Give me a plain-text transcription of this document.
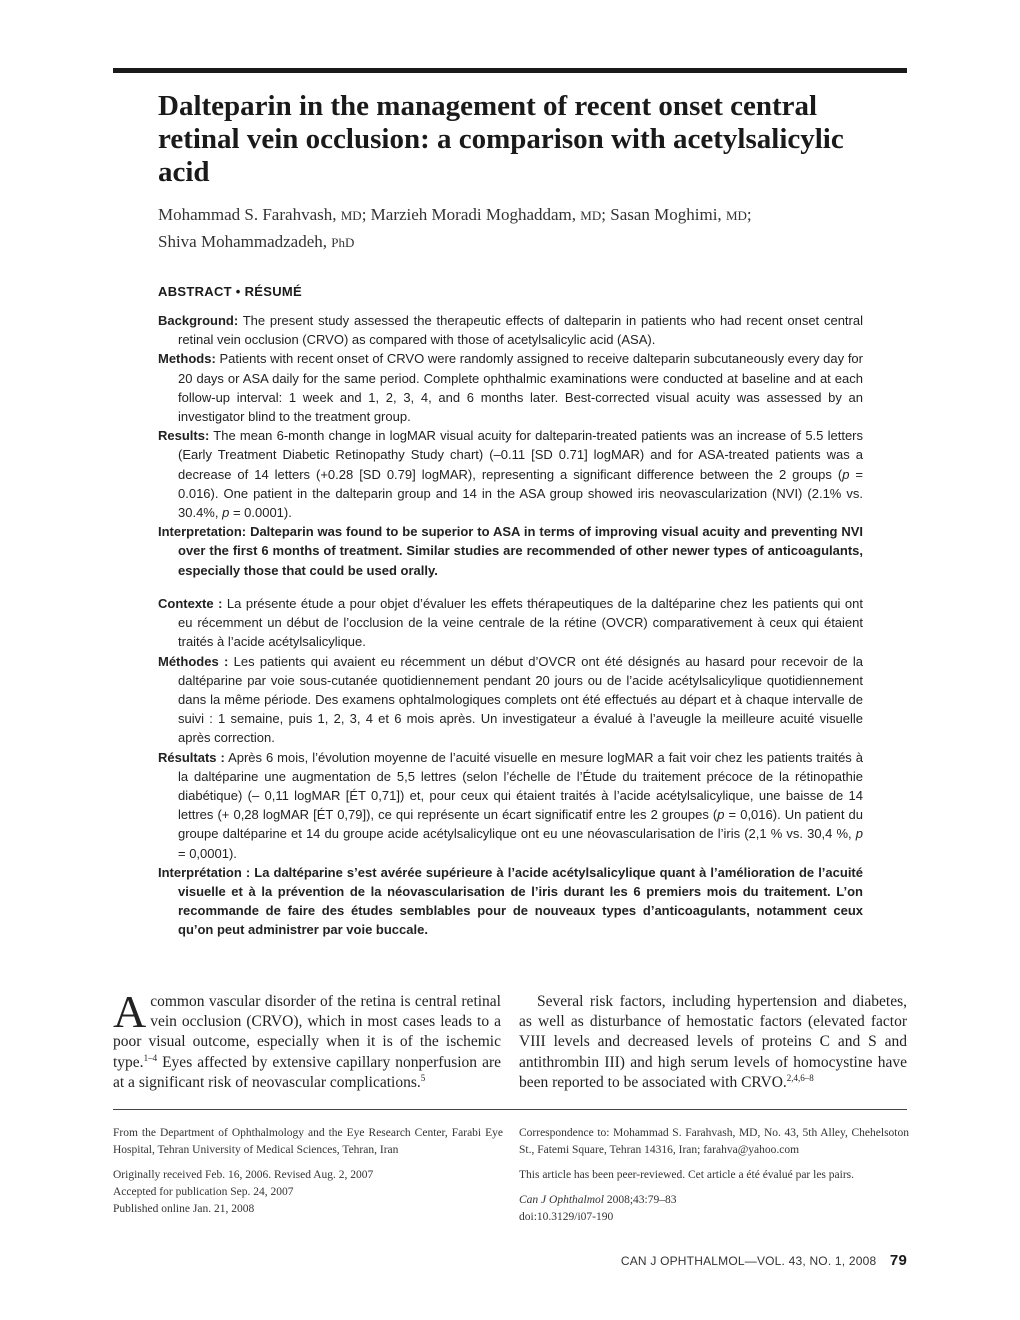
Dalteparin in the management of recent onset central retinal vein occlusion: a comparison with acetylsalicylic acid
Mohammad S. Farahvash, MD; Marzieh Moradi Moghaddam, MD; Sasan Moghimi, MD;
Shiva Mohammadzadeh, PhD
ABSTRACT • RÉSUMÉ

Background: The present study assessed the therapeutic effects of dalteparin in patients who had recent onset central retinal vein occlusion (CRVO) as compared with those of acetylsalicylic acid (ASA).

Methods: Patients with recent onset of CRVO were randomly assigned to receive dalteparin subcutaneously every day for 20 days or ASA daily for the same period. Complete ophthalmic examinations were conducted at baseline and at each follow-up interval: 1 week and 1, 2, 3, 4, and 6 months later. Best-corrected visual acuity was assessed by an investigator blind to the treatment group.

Results: The mean 6-month change in logMAR visual acuity for dalteparin-treated patients was an increase of 5.5 letters (Early Treatment Diabetic Retinopathy Study chart) (–0.11 [SD 0.71] logMAR) and for ASA-treated patients was a decrease of 14 letters (+0.28 [SD 0.79] logMAR), representing a significant difference between the 2 groups (p = 0.016). One patient in the dalteparin group and 14 in the ASA group showed iris neovascularization (NVI) (2.1% vs. 30.4%, p = 0.0001).

Interpretation: Dalteparin was found to be superior to ASA in terms of improving visual acuity and preventing NVI over the first 6 months of treatment. Similar studies are recommended of other newer types of anticoagulants, especially those that could be used orally.

Contexte : La présente étude a pour objet d’évaluer les effets thérapeutiques de la daltéparine chez les patients qui ont eu récemment un début de l’occlusion de la veine centrale de la rétine (OVCR) comparativement à ceux qui étaient traités à l’acide acétylsalicylique.

Méthodes : Les patients qui avaient eu récemment un début d’OVCR ont été désignés au hasard pour recevoir de la daltéparine par voie sous-cutanée quotidiennement pendant 20 jours ou de l’acide acétylsalicylique quotidiennement dans la même période. Des examens ophtalmologiques complets ont été effectués au départ et à chaque intervalle de suivi : 1 semaine, puis 1, 2, 3, 4 et 6 mois après. Un investigateur a évalué à l’aveugle la meilleure acuité visuelle après correction.

Résultats : Après 6 mois, l’évolution moyenne de l’acuité visuelle en mesure logMAR a fait voir chez les patients traités à la daltéparine une augmentation de 5,5 lettres (selon l’échelle de l’Étude du traitement précoce de la rétinopathie diabétique) (– 0,11 logMAR [ÉT 0,71]) et, pour ceux qui étaient traités à l’acide acétylsalicylique, une baisse de 14 lettres (+ 0,28 logMAR [ÉT 0,79]), ce qui représente un écart significatif entre les 2 groupes (p = 0,016). Un patient du groupe daltéparine et 14 du groupe acide acétylsalicylique ont eu une néovascularisation de l’iris (2,1 % vs. 30,4 %, p = 0,0001).

Interprétation : La daltéparine s’est avérée supérieure à l’acide acétylsalicylique quant à l’amélioration de l’acuité visuelle et à la prévention de la néovascularisation de l’iris durant les 6 premiers mois du traitement. L’on recommande de faire des études semblables pour de nouveaux types d’anticoagulants, notamment ceux qu’on peut administrer par voie buccale.

Acommon vascular disorder of the retina is central retinal vein occlusion (CRVO), which in most cases leads to a poor visual outcome, especially when it is of the ischemic type.$^{1-4}$ Eyes affected by extensive capillary nonperfusion are at a significant risk of neovascular complications.$^5$

Several risk factors, including hypertension and diabetes, as well as disturbance of hemostatic factors (elevated factor VIII levels and decreased levels of proteins C and S and antithrombin III) and high serum levels of homocystine have been reported to be associated with CRVO.$^{2,4,6-8}$

From the Department of Ophthalmology and the Eye Research Center, Farabi Eye Hospital, Tehran University of Medical Sciences, Tehran, Iran

Originally received Feb. 16, 2006. Revised Aug. 2, 2007
Accepted for publication Sep. 24, 2007
Published online Jan. 21, 2008

Correspondence to: Mohammad S. Farahvash, MD, No. 43, 5th Alley, Chehelsoton St., Fatemi Square, Tehran 14316, Iran; farahva@yahoo.com

This article has been peer-reviewed. Cet article a été évalué par les pairs.

Can J Ophthalmol 2008;43:79–83
doi:10.3129/i07-190

CAN J OPHTHALMOL—VOL. 43, NO. 1, 2008 79
